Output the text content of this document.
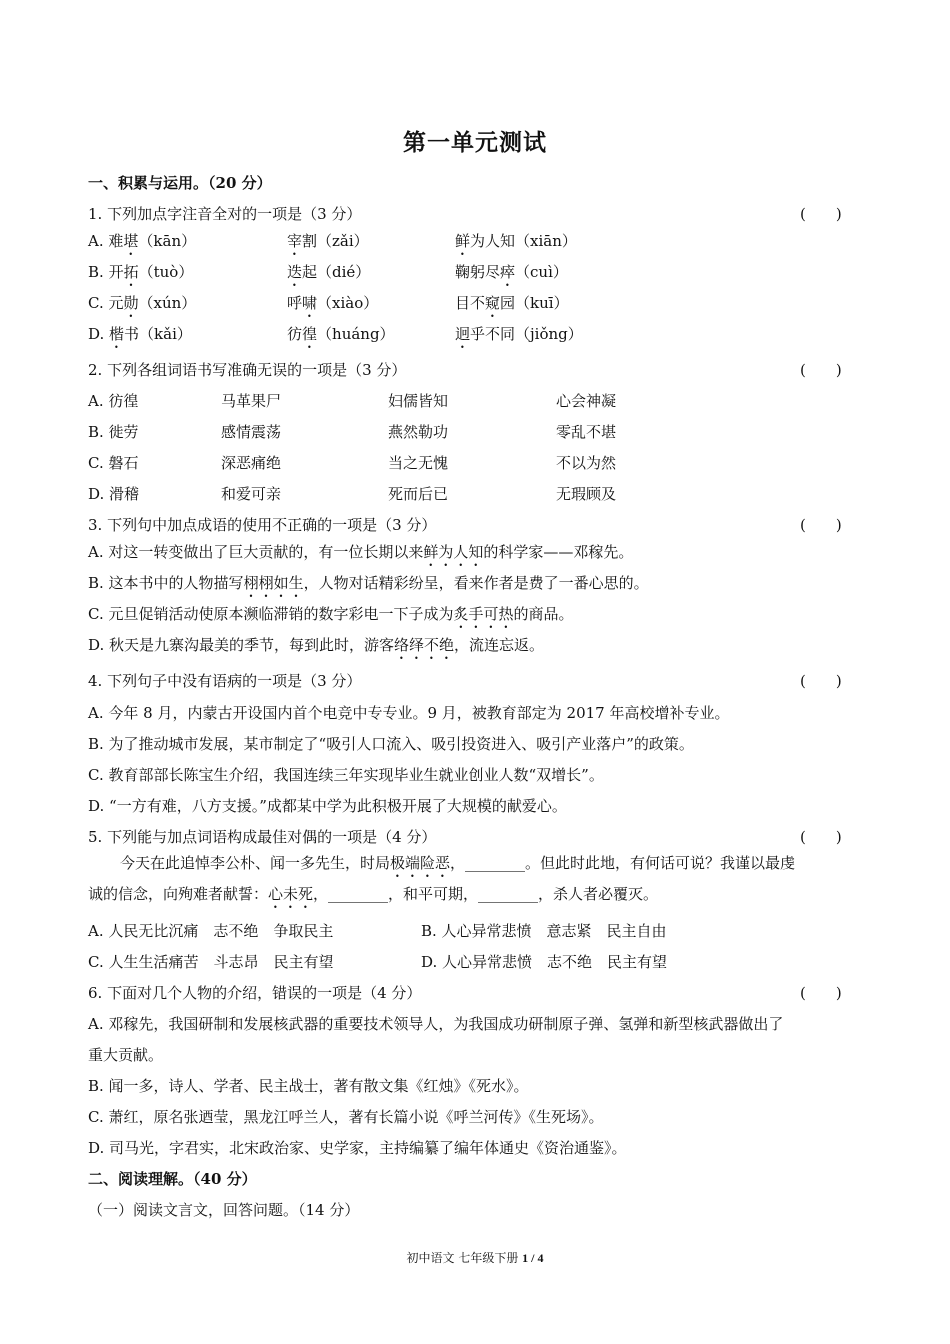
第一单元测试
一、积累与运用。（20 分）
1. 下列加点字注音全对的一项是（3 分）	(　　)
A. 难堪（kān）	宰割（zǎi）	鲜为人知（xiān）
B. 开拓（tuò）	迭起（dié）	鞠躬尽瘁（cuì）
C. 元勋（xún）	呼啸（xiào）	目不窥园（kuī）
D. 楷书（kǎi）	彷徨（huáng）	迥乎不同（jiǒng）
2. 下列各组词语书写准确无误的一项是（3 分）	(　　)
A. 彷徨	马革果尸	妇儒皆知	心会神凝
B. 徙劳	感情震荡	燕然勒功	零乱不堪
C. 磐石	深恶痛绝	当之无愧	不以为然
D. 滑稽	和爱可亲	死而后已	无瑕顾及
3. 下列句中加点成语的使用不正确的一项是（3 分）	(　　)
A. 对这一转变做出了巨大贡献的，有一位长期以来鲜为人知的科学家——邓稼先。
B. 这本书中的人物描写栩栩如生，人物对话精彩纷呈，看来作者是费了一番心思的。
C. 元旦促销活动使原本濒临滞销的数字彩电一下子成为炙手可热的商品。
D. 秋天是九寨沟最美的季节，每到此时，游客络绎不绝，流连忘返。
4. 下列句子中没有语病的一项是（3 分）	(　　)
A. 今年 8 月，内蒙古开设国内首个电竞中专专业。9 月，被教育部定为 2017 年高校增补专业。
B. 为了推动城市发展，某市制定了“吸引人口流入、吸引投资进入、吸引产业落户”的政策。
C. 教育部部长陈宝生介绍，我国连续三年实现毕业生就业创业人数“双增长”。
D. “一方有难，八方支援。”成都某中学为此积极开展了大规模的献爱心。
5. 下列能与加点词语构成最佳对偶的一项是（4 分）	(　　)
今天在此追悼李公朴、闻一多先生，时局极端险恶，________。但此时此地，有何话可说？我谨以最虔
诚的信念，向殉难者献誓：心未死，________，和平可期，________，杀人者必覆灭。
A. 人民无比沉痛　志不绝　争取民主	B. 人心异常悲愤　意志紧　民主自由
C. 人生生活痛苦　斗志昂　民主有望	D. 人心异常悲愤　志不绝　民主有望
6. 下面对几个人物的介绍，错误的一项是（4 分）	(　　)
A. 邓稼先，我国研制和发展核武器的重要技术领导人，为我国成功研制原子弹、氢弹和新型核武器做出了
重大贡献。
B. 闻一多，诗人、学者、民主战士，著有散文集《红烛》《死水》。
C. 萧红，原名张迺莹，黑龙江呼兰人，著有长篇小说《呼兰河传》《生死场》。
D. 司马光，字君实，北宋政治家、史学家，主持编纂了编年体通史《资治通鉴》。
二、阅读理解。（40 分）
（一）阅读文言文，回答问题。（14 分）
初中语文 七年级下册 1 / 4
